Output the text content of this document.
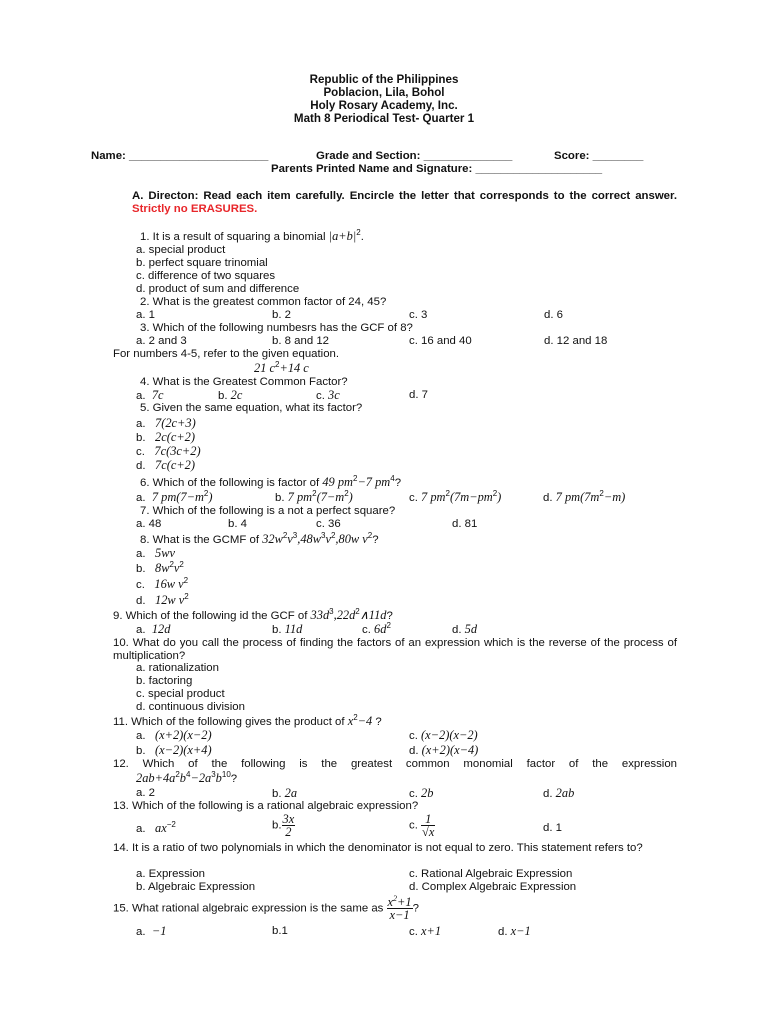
Republic of the Philippines
Poblacion, Lila, Bohol
Holy Rosary Academy, Inc.
Math 8 Periodical Test- Quarter 1
Name: ______________________	Grade and Section: ______________	Score: ________
Parents Printed Name and Signature: ____________________
A. Directon: Read each item carefully. Encircle the letter that corresponds to the correct answer. Strictly no ERASURES.
1. It is a result of squaring a binomial $|a+b|^2$.
a. special product
b. perfect square trinomial
c. difference of two squares
d. product of sum and difference
2. What is the greatest common factor of 24, 45?
a. 1	b. 2	c. 3	d. 6
3. Which of the following numbesrs has the GCF of 8?
a. 2 and 3	b. 8 and 12	c. 16 and 40	d. 12 and 18
For numbers 4-5, refer to the given equation.
21 $c^2+14$ c
4. What is the Greatest Common Factor?
a. 7c	b. 2c	c. 3c	d. 7
5. Given the same equation, what its factor?
a. 7(2c+3)
b. 2c(c+2)
c. 7c(3c+2)
d. 7c(c+2)
6. Which of the following is factor of 49 $pm^2-7$ $pm^4$?
a. 7 $pm(7-m^2)$	b. 7 $pm^2(7-m^2)$	c. 7 $pm^2(7m-pm^2)$	d. 7 $pm(7m^2-m)$
7. Which of the following is a not a perfect square?
a. 48	b. 4	c. 36	d. 81
8. What is the GCMF of $32w^2v^3,48w^3v^2,80w$ $v^2$?
a. 5wv
b. $8w^2v^2$
c. 16w $v^2$
d. 12w $v^2$
9. Which of the following id the GCF of $33d^3,22d^2\wedge 11d$?
a. 12d	b. 11d	c. $6d^2$	d. 5d
10. What do you call the process of finding the factors of an expression which is the reverse of the process of multiplication?
a. rationalization
b. factoring
c. special product
d. continuous division
11. Which of the following gives the product of $x^2-4$ ?
a. (x+2)(x−2)	c. (x−2)(x−2)
b. (x−2)(x+4)	d. (x+2)(x−4)
12. Which of the following is the greatest common monomial factor of the expression
$2ab+4a^2b^4-2a^3b^{10}$?
a. 2	b. 2a	c. 2b	d. 2ab
13. Which of the following is a rational algebraic expression?
a. $ax^{-2}$	b. $\frac{3x}{2}$	c. $\frac{1}{√x}$	d. 1
14. It is a ratio of two polynomials in which the denominator is not equal to zero. This statement refers to?
a. Expression	c. Rational Algebraic Expression
b. Algebraic Expression	d. Complex Algebraic Expression
15. What rational algebraic expression is the same as $\frac{x^2+1}{x-1}$ ?
a. −1	b.1	c. x+1	d. x−1
